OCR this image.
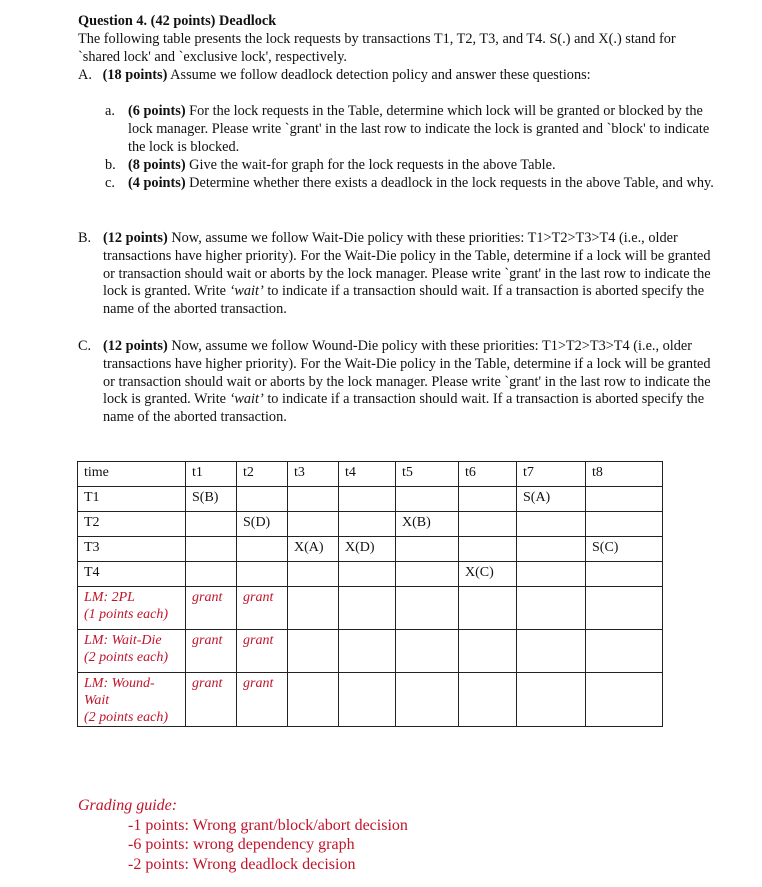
Question 4. (42 points) Deadlock
The following table presents the lock requests by transactions T1, T2, T3, and T4. S(.) and X(.) stand for `shared lock' and `exclusive lock', respectively.
A. (18 points) Assume we follow deadlock detection policy and answer these questions:
a. (6 points) For the lock requests in the Table, determine which lock will be granted or blocked by the lock manager. Please write `grant' in the last row to indicate the lock is granted and `block' to indicate the lock is blocked.
b. (8 points) Give the wait-for graph for the lock requests in the above Table.
c. (4 points) Determine whether there exists a deadlock in the lock requests in the above Table, and why.
B. (12 points) Now, assume we follow Wait-Die policy with these priorities: T1>T2>T3>T4 (i.e., older transactions have higher priority). For the Wait-Die policy in the Table, determine if a lock will be granted or transaction should wait or aborts by the lock manager. Please write `grant' in the last row to indicate the lock is granted. Write ‘wait’ to indicate if a transaction should wait. If a transaction is aborted specify the name of the aborted transaction.
C. (12 points) Now, assume we follow Wound-Die policy with these priorities: T1>T2>T3>T4 (i.e., older transactions have higher priority). For the Wait-Die policy in the Table, determine if a lock will be granted or transaction should wait or aborts by the lock manager. Please write `grant' in the last row to indicate the lock is granted. Write ‘wait’ to indicate if a transaction should wait. If a transaction is aborted specify the name of the aborted transaction.
time	t1	t2	t3	t4	t5	t6	t7	t8
T1	S(B)						S(A)	
T2		S(D)			X(B)			
T3			X(A)	X(D)				S(C)
T4						X(C)		
LM: 2PL
(1 points each)	grant	grant						
LM: Wait-Die
(2 points each)	grant	grant						
LM: Wound-Wait
(2 points each)	grant	grant						
Grading guide:
-1 points: Wrong grant/block/abort decision
-6 points: wrong dependency graph
-2 points: Wrong deadlock decision
